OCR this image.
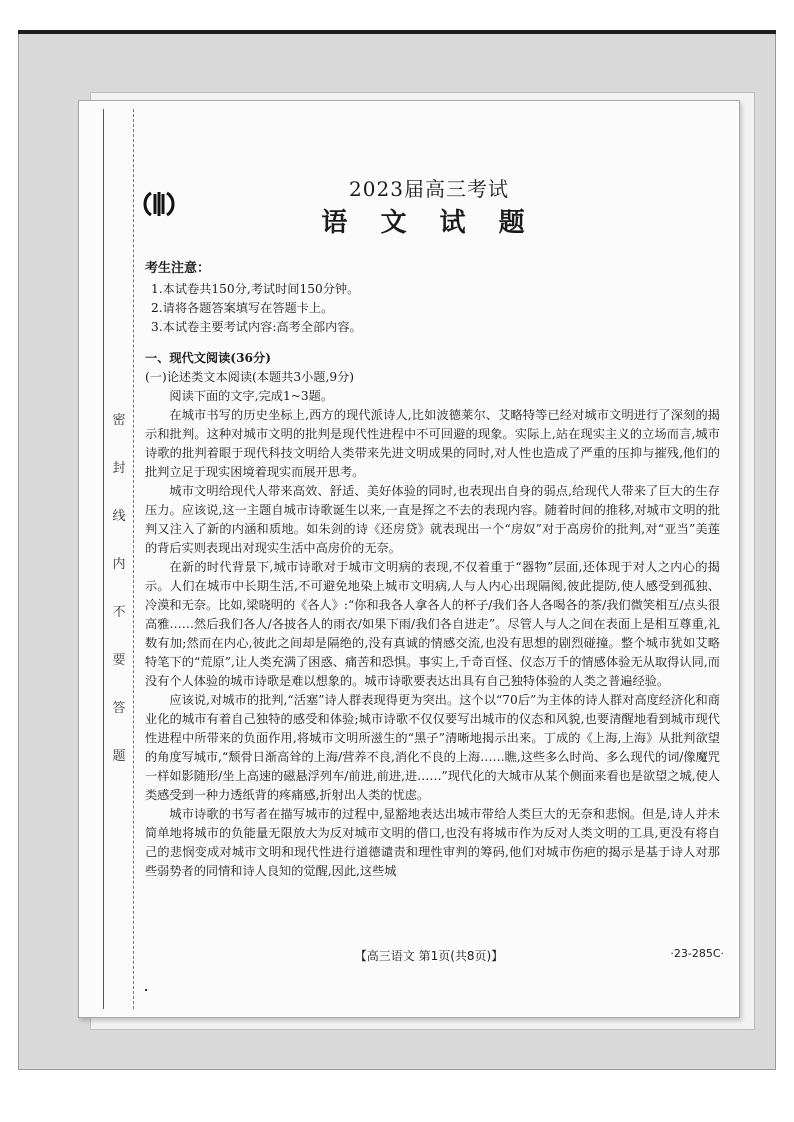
密
封
线
内
不
要
答
题
2023届高三考试
语 文 试 题
考生注意：
1.本试卷共150分,考试时间150分钟。
2.请将各题答案填写在答题卡上。
3.本试卷主要考试内容:高考全部内容。
一、现代文阅读(36分)
(一)论述类文本阅读(本题共3小题,9分)

阅读下面的文字,完成1~3题。

在城市书写的历史坐标上,西方的现代派诗人,比如波德莱尔、艾略特等已经对城市文明进行了深刻的揭示和批判。这种对城市文明的批判是现代性进程中不可回避的现象。实际上,站在现实主义的立场而言,城市诗歌的批判着眼于现代科技文明给人类带来先进文明成果的同时,对人性也造成了严重的压抑与摧残,他们的批判立足于现实困境着现实而展开思考。

城市文明给现代人带来高效、舒适、美好体验的同时,也表现出自身的弱点,给现代人带来了巨大的生存压力。应该说,这一主题自城市诗歌诞生以来,一直是挥之不去的表现内容。随着时间的推移,对城市文明的批判又注入了新的内涵和质地。如朱剑的诗《还房贷》就表现出一个“房奴”对于高房价的批判,对“亚当”美莲的背后实则表现出对现实生活中高房价的无奈。

在新的时代背景下,城市诗歌对于城市文明病的表现,不仅着重于“器物”层面,还体现于对人之内心的揭示。人们在城市中长期生活,不可避免地染上城市文明病,人与人内心出现隔阂,彼此提防,使人感受到孤独、冷漠和无奈。比如,梁晓明的《各人》:“你和我各人拿各人的杯子/我们各人各喝各的茶/我们微笑相互/点头很高雅……然后我们各人/各披各人的雨衣/如果下雨/我们各自进走”。尽管人与人之间在表面上是相互尊重,礼数有加;然而在内心,彼此之间却是隔绝的,没有真诚的情感交流,也没有思想的剧烈碰撞。整个城市犹如艾略特笔下的“荒原”,让人类充满了困惑、痛苦和恐惧。事实上,千奇百怪、仪态万千的情感体验无从取得认同,而没有个人体验的城市诗歌是难以想象的。城市诗歌要表达出具有自己独特体验的人类之普遍经验。

应该说,对城市的批判,“活塞”诗人群表现得更为突出。这个以“70后”为主体的诗人群对高度经济化和商业化的城市有着自己独特的感受和体验;城市诗歌不仅仅要写出城市的仪态和风貌,也要清醒地看到城市现代性进程中所带来的负面作用,将城市文明所滋生的“黑子”清晰地揭示出来。丁成的《上海,上海》从批判欲望的角度写城市,“颓骨日渐高耸的上海/营养不良,消化不良的上海……瞧,这些多么时尚、多么现代的词/像魔咒一样如影随形/坐上高速的磁悬浮列车/前进,前进,进……”现代化的大城市从某个侧面来看也是欲望之城,使人类感受到一种力透纸背的疼痛感,折射出人类的忧虑。

城市诗歌的书写者在描写城市的过程中,显豁地表达出城市带给人类巨大的无奈和悲悯。但是,诗人并未简单地将城市的负能量无限放大为反对城市文明的借口,也没有将城市作为反对人类文明的工具,更没有将自己的悲悯变成对城市文明和现代性进行道德谴责和理性审判的筹码,他们对城市伤疤的揭示是基于诗人对那些弱势者的同情和诗人良知的觉醒,因此,这些城

【高三语文 第1页(共8页)】	·23-285C·
